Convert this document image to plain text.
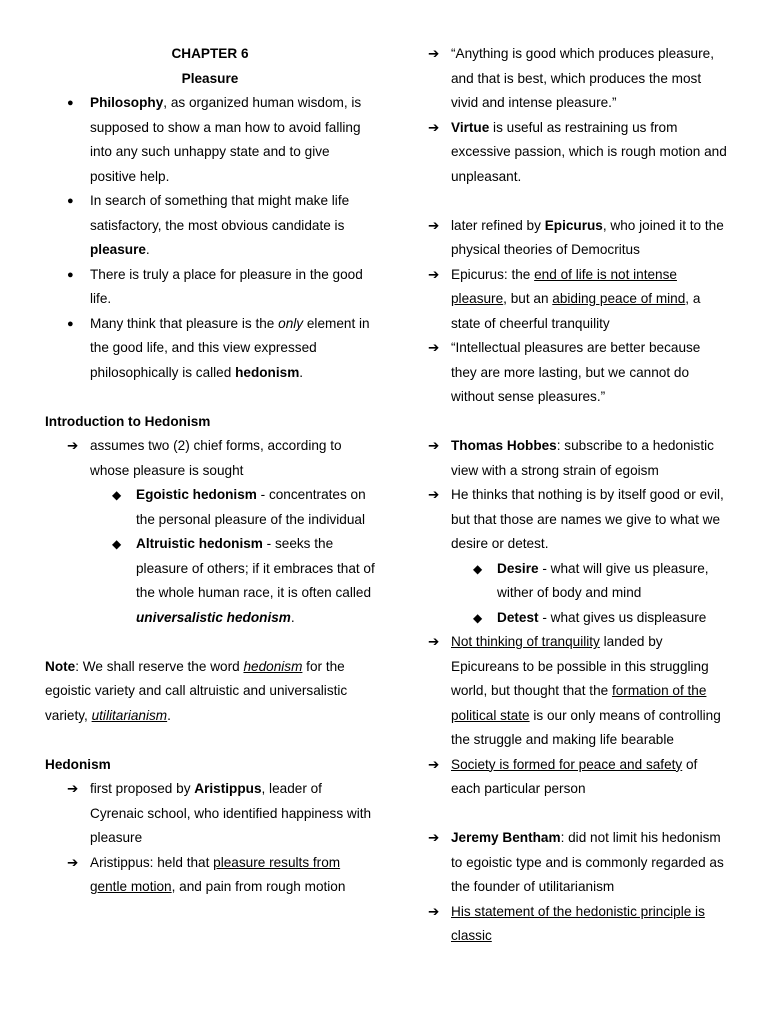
CHAPTER 6
Pleasure
● Philosophy, as organized human wisdom, is supposed to show a man how to avoid falling into any such unhappy state and to give positive help.
● In search of something that might make life satisfactory, the most obvious candidate is pleasure.
● There is truly a place for pleasure in the good life.
● Many think that pleasure is the only element in the good life, and this view expressed philosophically is called hedonism.
Introduction to Hedonism
➔ assumes two (2) chief forms, according to whose pleasure is sought
◆ Egoistic hedonism - concentrates on the personal pleasure of the individual
◆ Altruistic hedonism - seeks the pleasure of others; if it embraces that of the whole human race, it is often called universalistic hedonism.
Note: We shall reserve the word hedonism for the egoistic variety and call altruistic and universalistic variety, utilitarianism.
Hedonism
➔ first proposed by Aristippus, leader of Cyrenaic school, who identified happiness with pleasure
➔ Aristippus: held that pleasure results from gentle motion, and pain from rough motion
➔ “Anything is good which produces pleasure, and that is best, which produces the most vivid and intense pleasure.”
➔ Virtue is useful as restraining us from excessive passion, which is rough motion and unpleasant.
➔ later refined by Epicurus, who joined it to the physical theories of Democritus
➔ Epicurus: the end of life is not intense pleasure, but an abiding peace of mind, a state of cheerful tranquility
➔ “Intellectual pleasures are better because they are more lasting, but we cannot do without sense pleasures.”
➔ Thomas Hobbes: subscribe to a hedonistic view with a strong strain of egoism
➔ He thinks that nothing is by itself good or evil, but that those are names we give to what we desire or detest.
◆ Desire - what will give us pleasure, wither of body and mind
◆ Detest - what gives us displeasure
➔ Not thinking of tranquility landed by Epicureans to be possible in this struggling world, but thought that the formation of the political state is our only means of controlling the struggle and making life bearable
➔ Society is formed for peace and safety of each particular person
➔ Jeremy Bentham: did not limit his hedonism to egoistic type and is commonly regarded as the founder of utilitarianism
➔ His statement of the hedonistic principle is classic
